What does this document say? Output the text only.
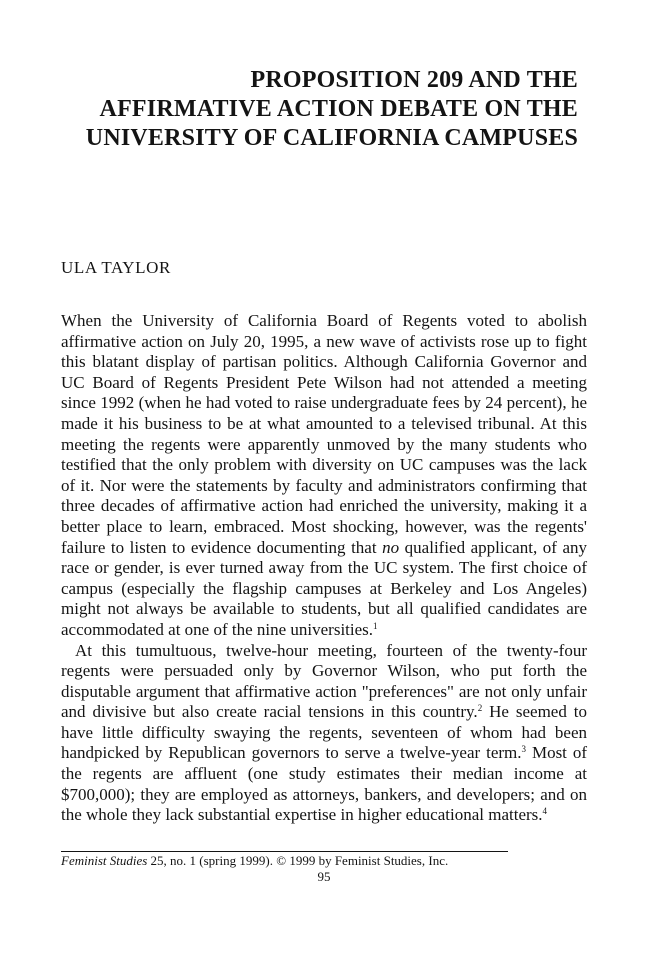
PROPOSITION 209 AND THE
AFFIRMATIVE ACTION DEBATE ON THE
UNIVERSITY OF CALIFORNIA CAMPUSES

ULA TAYLOR

When the University of California Board of Regents voted to abolish affirmative action on July 20, 1995, a new wave of activists rose up to fight this blatant display of partisan politics. Although California Governor and UC Board of Regents President Pete Wilson had not attended a meeting since 1992 (when he had voted to raise undergraduate fees by 24 percent), he made it his business to be at what amounted to a televised tribunal. At this meeting the regents were apparently unmoved by the many students who testified that the only problem with diversity on UC campuses was the lack of it. Nor were the statements by faculty and administrators confirming that three decades of affirmative action had enriched the university, making it a better place to learn, embraced. Most shocking, however, was the regents' failure to listen to evidence documenting that no qualified applicant, of any race or gender, is ever turned away from the UC system. The first choice of campus (especially the flagship campuses at Berkeley and Los Angeles) might not always be available to students, but all qualified candidates are accommodated at one of the nine universities.$^1$

At this tumultuous, twelve-hour meeting, fourteen of the twenty-four regents were persuaded only by Governor Wilson, who put forth the disputable argument that affirmative action "preferences" are not only unfair and divisive but also create racial tensions in this country.$^2$ He seemed to have little difficulty swaying the regents, seventeen of whom had been handpicked by Republican governors to serve a twelve-year term.$^3$ Most of the regents are affluent (one study estimates their median income at $700,000); they are employed as attorneys, bankers, and developers; and on the whole they lack substantial expertise in higher educational matters.$^4$

Feminist Studies 25, no. 1 (spring 1999). © 1999 by Feminist Studies, Inc.
95
